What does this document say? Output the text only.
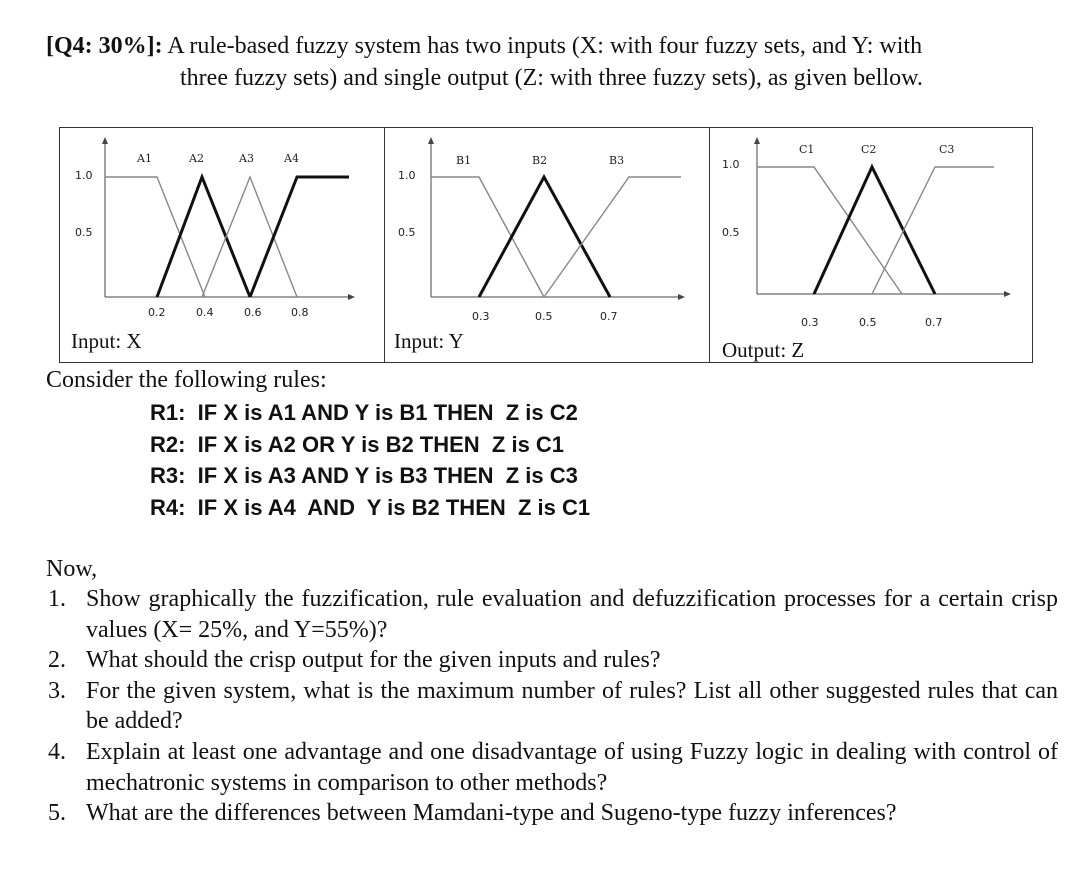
[Q4: 30%]: A rule-based fuzzy system has two inputs (X: with four fuzzy sets, and Y: with
three fuzzy sets) and single output (Z: with three fuzzy sets), as given bellow.
1.0
0.5
0.2	0.4	0.6	0.8
A1	A2	A3	A4
1.0
0.5
0.3	0.5	0.7
B1	B2	B3	1.0
0.5
0.3	0.5	0.7
C1	C2	C3
Input: X	Input: Y	Output: Z
Consider the following rules:
R1:  IF X is A1 AND Y is B1 THEN  Z is C2
R2:  IF X is A2 OR Y is B2 THEN  Z is C1
R3:  IF X is A3 AND Y is B3 THEN  Z is C3
R4:  IF X is A4  AND  Y is B2 THEN  Z is C1
Now,
1. Show graphically the fuzzification, rule evaluation and defuzzification processes for a certain crisp values (X= 25%, and Y=55%)?
2. What should the crisp output for the given inputs and rules?
3. For the given system, what is the maximum number of rules? List all other suggested rules that can be added?
4. Explain at least one advantage and one disadvantage of using Fuzzy logic in dealing with control of mechatronic systems in comparison to other methods?
5. What are the differences between Mamdani-type and Sugeno-type fuzzy inferences?
